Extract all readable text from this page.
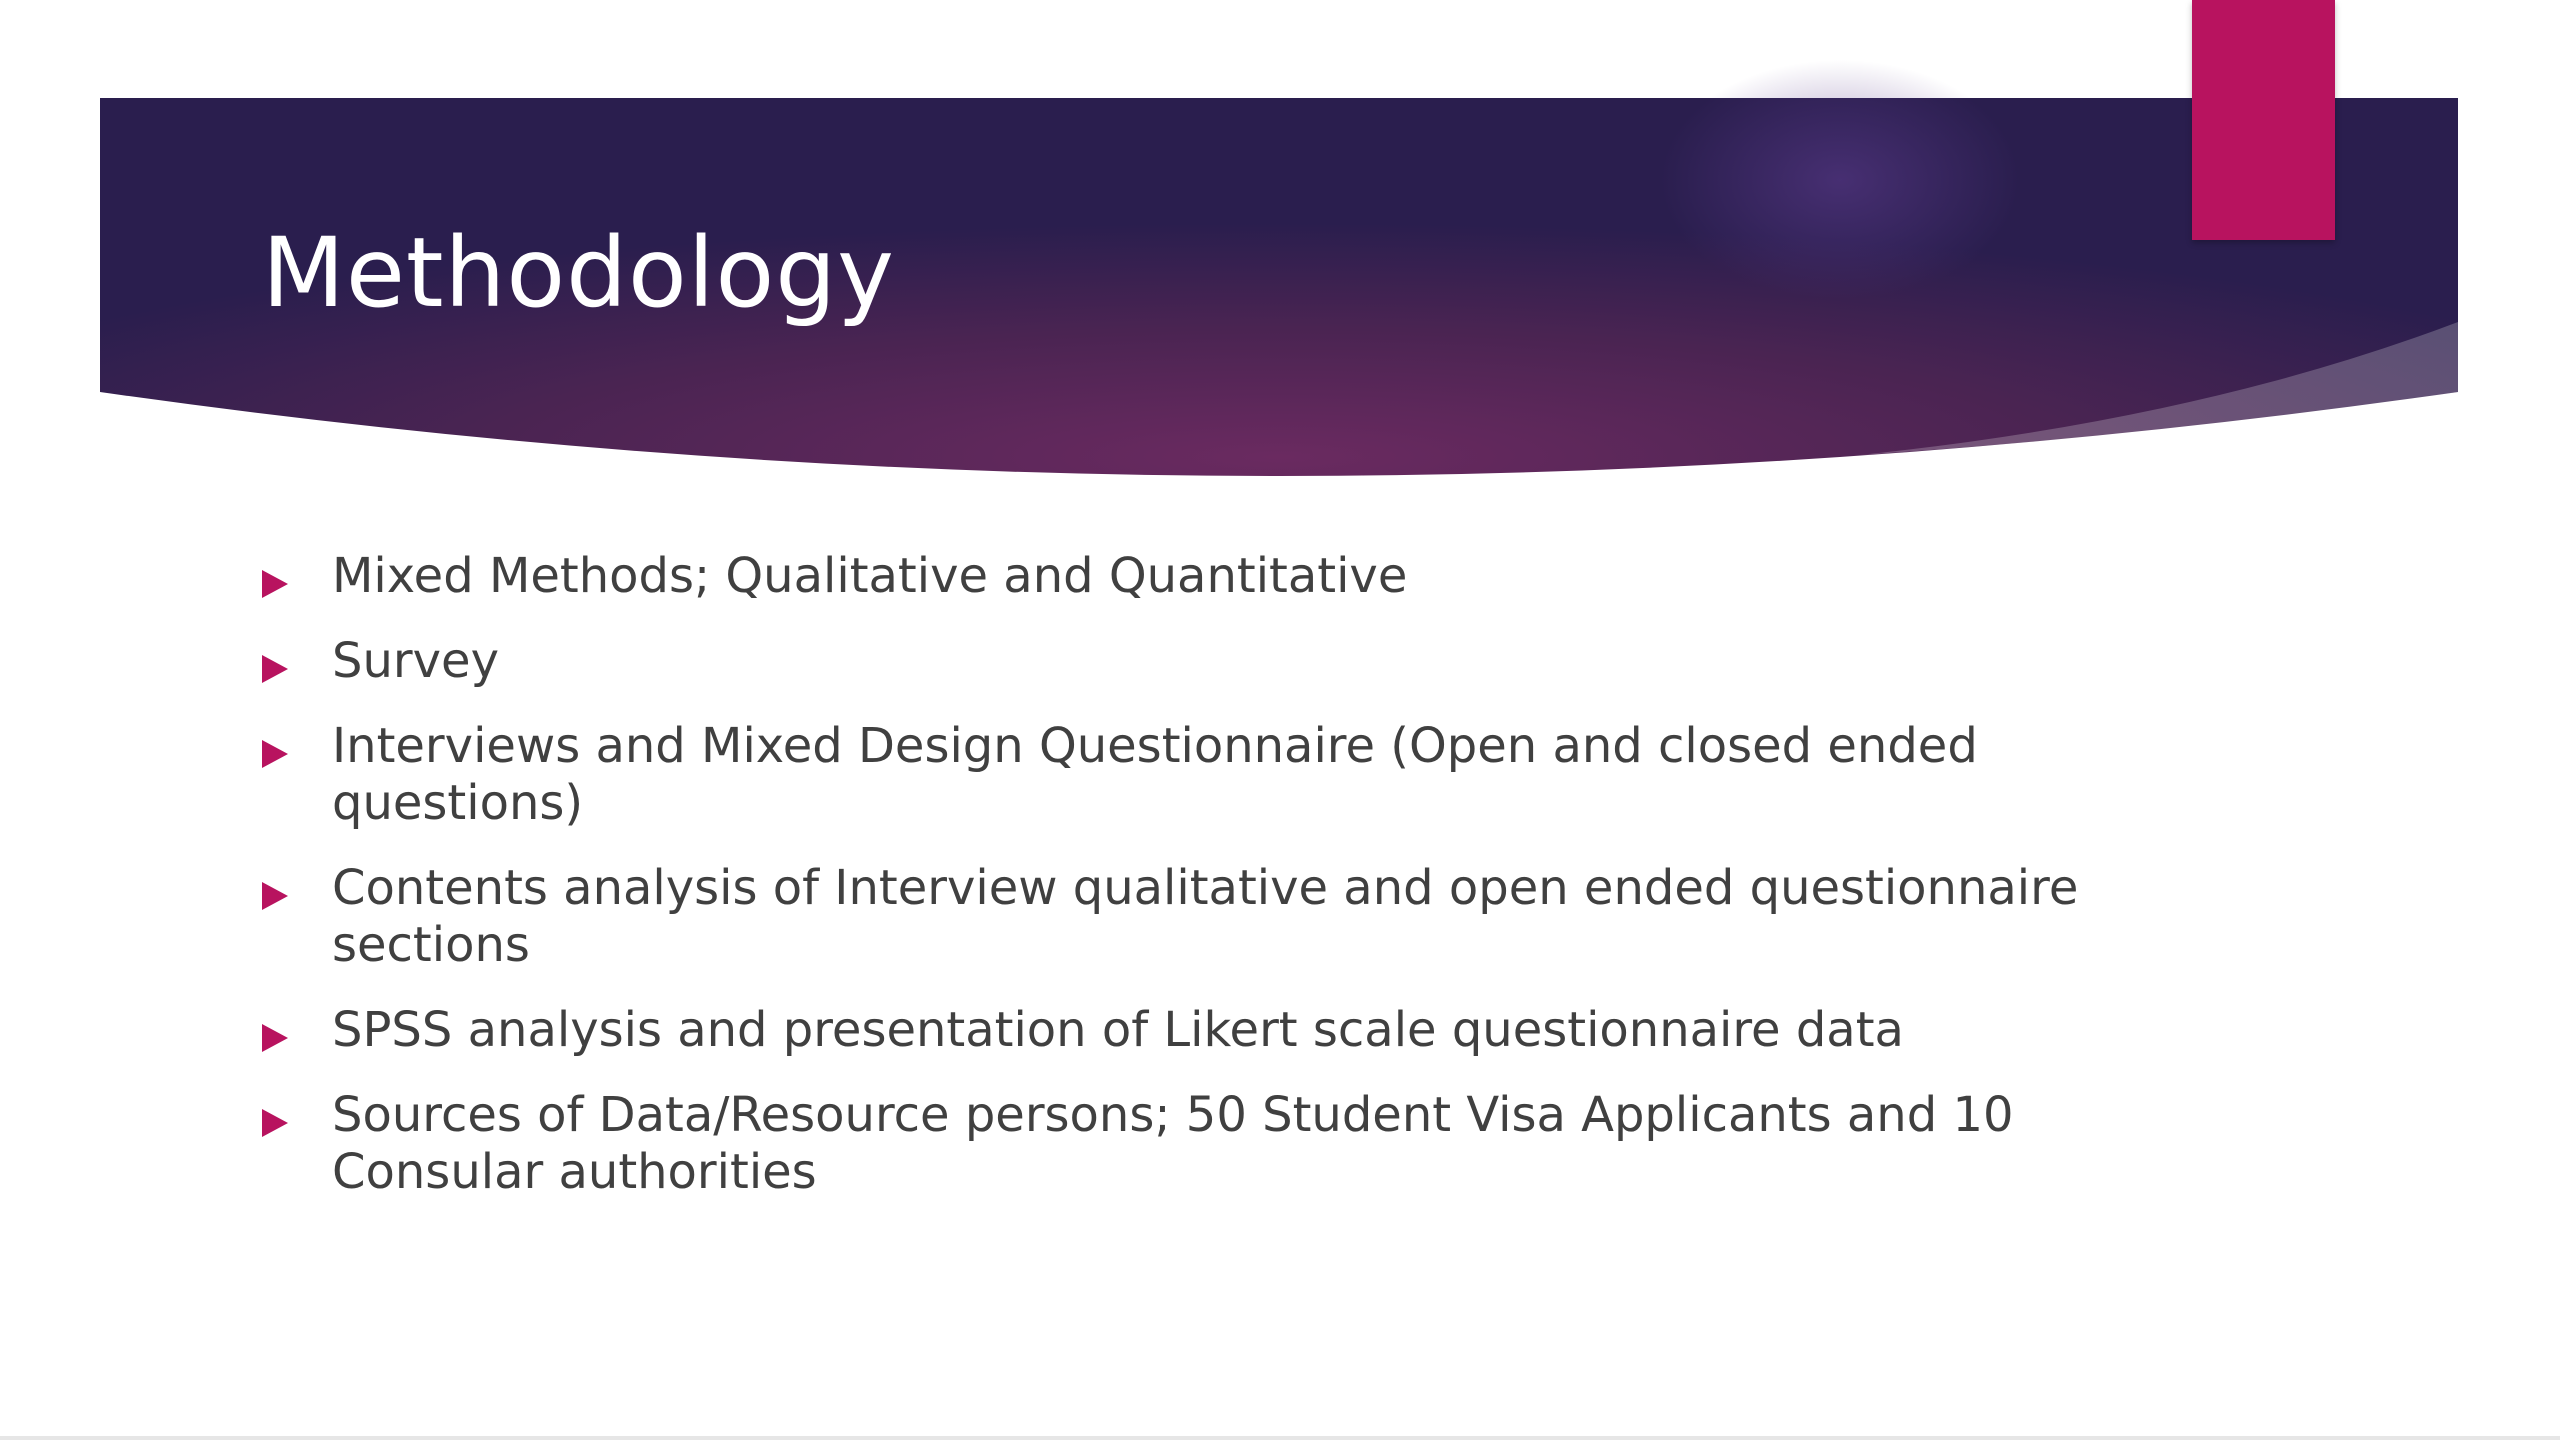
Methodology
Mixed Methods; Qualitative and Quantitative
Survey
Interviews and Mixed Design Questionnaire (Open and closed ended questions)
Contents analysis of Interview qualitative and open ended questionnaire sections
SPSS analysis and presentation of Likert scale questionnaire data
Sources of Data/Resource persons; 50 Student Visa Applicants and 10 Consular authorities
